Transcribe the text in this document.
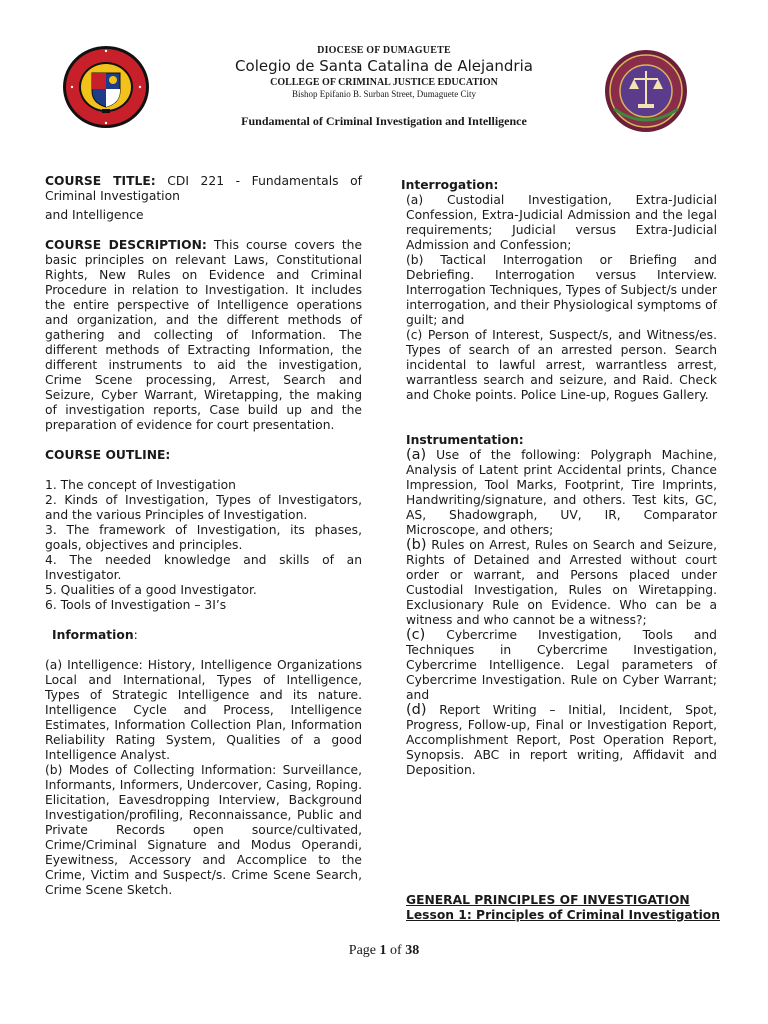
DIOCESE OF DUMAGUETE
Colegio de Santa Catalina de Alejandria
COLLEGE OF CRIMINAL JUSTICE EDUCATION
Bishop Epifanio B. Surban Street, Dumaguete City
Fundamental of Criminal Investigation and Intelligence

COURSE TITLE: CDI 221 - Fundamentals of Criminal Investigation

and Intelligence

COURSE DESCRIPTION: This course covers the basic principles on relevant Laws, Constitutional Rights, New Rules on Evidence and Criminal Procedure in relation to Investigation. It includes the entire perspective of Intelligence operations and organization, and the different methods of gathering and collecting of Information. The different methods of Extracting Information, the different instruments to aid the investigation, Crime Scene processing, Arrest, Search and Seizure, Cyber Warrant, Wiretapping, the making of investigation reports, Case build up and the preparation of evidence for court presentation.

COURSE OUTLINE:
1. The concept of Investigation
2. Kinds of Investigation, Types of Investigators, and the various Principles of Investigation.
3. The framework of Investigation, its phases, goals, objectives and principles.
4. The needed knowledge and skills of an Investigator.
5. Qualities of a good Investigator.
6. Tools of Investigation – 3I’s
Information:

(a) Intelligence: History, Intelligence Organizations Local and International, Types of Intelligence, Types of Strategic Intelligence and its nature. Intelligence Cycle and Process, Intelligence Estimates, Information Collection Plan, Information Reliability Rating System, Qualities of a good Intelligence Analyst.

(b) Modes of Collecting Information: Surveillance, Informants, Informers, Undercover, Casing, Roping. Elicitation, Eavesdropping Interview, Background Investigation/profiling, Reconnaissance, Public and Private Records open source/cultivated, Crime/Criminal Signature and Modus Operandi, Eyewitness, Accessory and Accomplice to the Crime, Victim and Suspect/s. Crime Scene Search, Crime Scene Sketch.

Interrogation:

(a) Custodial Investigation, Extra-Judicial Confession, Extra-Judicial Admission and the legal requirements; Judicial versus Extra-Judicial Admission and Confession;

(b) Tactical Interrogation or Briefing and Debriefing. Interrogation versus Interview. Interrogation Techniques, Types of Subject/s under interrogation, and their Physiological symptoms of guilt; and

(c) Person of Interest, Suspect/s, and Witness/es. Types of search of an arrested person. Search incidental to lawful arrest, warrantless arrest, warrantless search and seizure, and Raid. Check and Choke points. Police Line-up, Rogues Gallery.

Instrumentation:

(a) Use of the following: Polygraph Machine, Analysis of Latent print Accidental prints, Chance Impression, Tool Marks, Footprint, Tire Imprints, Handwriting/signature, and others. Test kits, GC, AS, Shadowgraph, UV, IR, Comparator Microscope, and others;

(b) Rules on Arrest, Rules on Search and Seizure, Rights of Detained and Arrested without court order or warrant, and Persons placed under Custodial Investigation, Rules on Wiretapping. Exclusionary Rule on Evidence. Who can be a witness and who cannot be a witness?;

(c) Cybercrime Investigation, Tools and Techniques in Cybercrime Investigation, Cybercrime Intelligence. Legal parameters of Cybercrime Investigation. Rule on Cyber Warrant; and

(d) Report Writing – Initial, Incident, Spot, Progress, Follow-up, Final or Investigation Report, Accomplishment Report, Post Operation Report, Synopsis. ABC in report writing, Affidavit and Deposition.

GENERAL PRINCIPLES OF INVESTIGATION

Lesson 1: Principles of Criminal Investigation

Page 1 of 38
